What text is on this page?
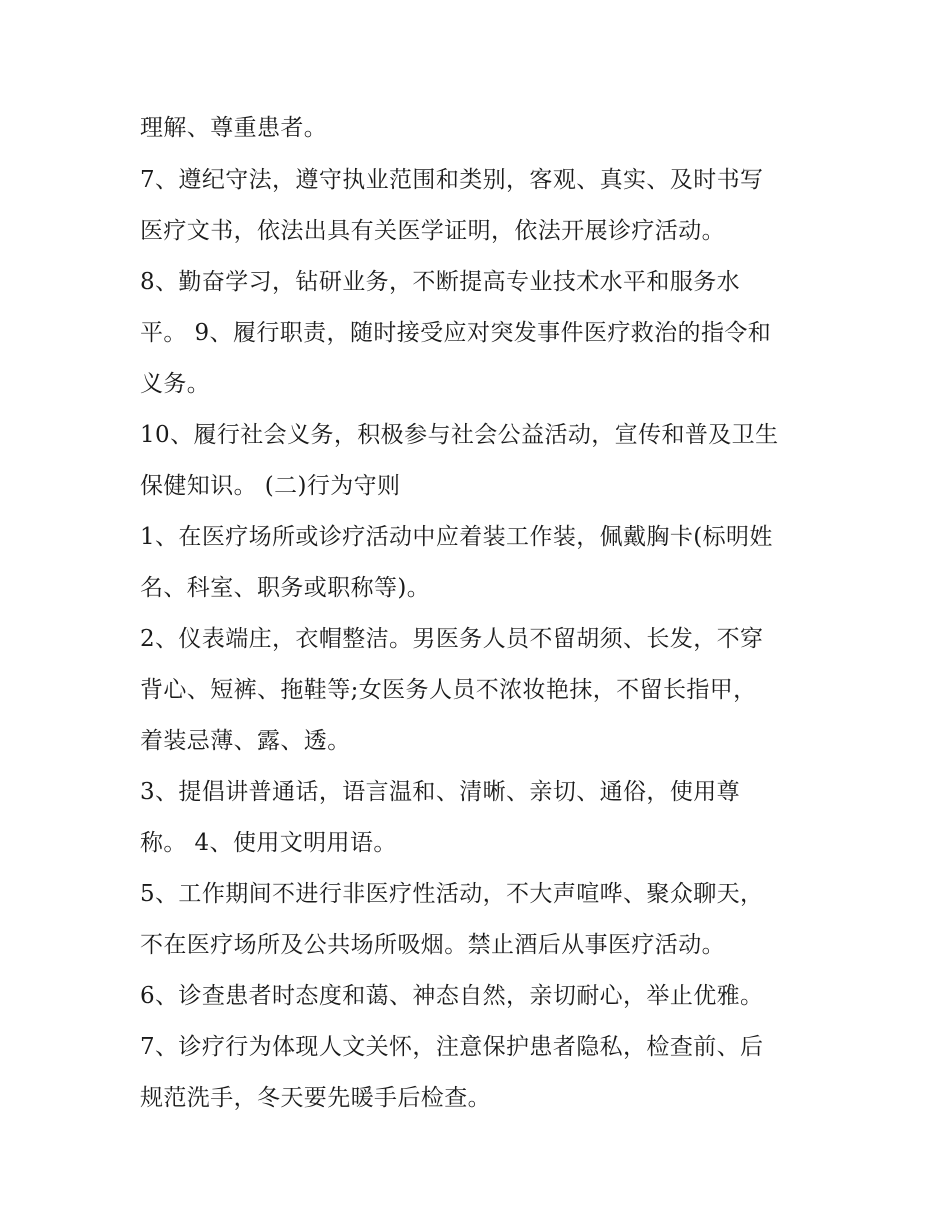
理解、尊重患者。
7、遵纪守法，遵守执业范围和类别，客观、真实、及时书写
医疗文书，依法出具有关医学证明，依法开展诊疗活动。
8、勤奋学习，钻研业务，不断提高专业技术水平和服务水
平。 9、履行职责，随时接受应对突发事件医疗救治的指令和
义务。
10、履行社会义务，积极参与社会公益活动，宣传和普及卫生
保健知识。 (二)行为守则
1、在医疗场所或诊疗活动中应着装工作装，佩戴胸卡(标明姓
名、科室、职务或职称等)。
2、仪表端庄，衣帽整洁。男医务人员不留胡须、长发，不穿
背心、短裤、拖鞋等;女医务人员不浓妆艳抹，不留长指甲，
着装忌薄、露、透。
3、提倡讲普通话，语言温和、清晰、亲切、通俗，使用尊
称。 4、使用文明用语。
5、工作期间不进行非医疗性活动，不大声喧哗、聚众聊天，
不在医疗场所及公共场所吸烟。禁止酒后从事医疗活动。
6、诊查患者时态度和蔼、神态自然，亲切耐心，举止优雅。
7、诊疗行为体现人文关怀，注意保护患者隐私，检查前、后
规范洗手，冬天要先暖手后检查。
